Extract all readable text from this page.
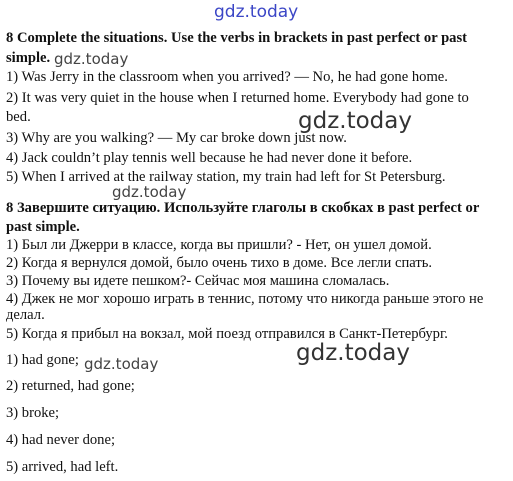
gdz.today
8 Complete the situations. Use the verbs in brackets in past perfect or past
simple. gdz.today
1) Was Jerry in the classroom when you arrived? — No, he had gone home.
2) It was very quiet in the house when I returned home. Everybody had gone to
bed.	gdz.today
3) Why are you walking? — My car broke down just now.
4) Jack couldn’t play tennis well because he had never done it before.
5) When I arrived at the railway station, my train had left for St Petersburg.
gdz.today
8 Завершите ситуацию. Используйте глаголы в скобках в past perfect or
past simple.
1) Был ли Джерри в классе, когда вы пришли? - Нет, он ушел домой.
2) Когда я вернулся домой, было очень тихо в доме. Все легли спать.
3) Почему вы идете пешком?- Сейчас моя машина сломалась.
4) Джек не мог хорошо играть в теннис, потому что никогда раньше этого не
делал.
5) Когда я прибыл на вокзал, мой поезд отправился в Санкт-Петербург.
gdz.today
1) had gone; gdz.today
2) returned, had gone;
3) broke;
4) had never done;
5) arrived, had left.
